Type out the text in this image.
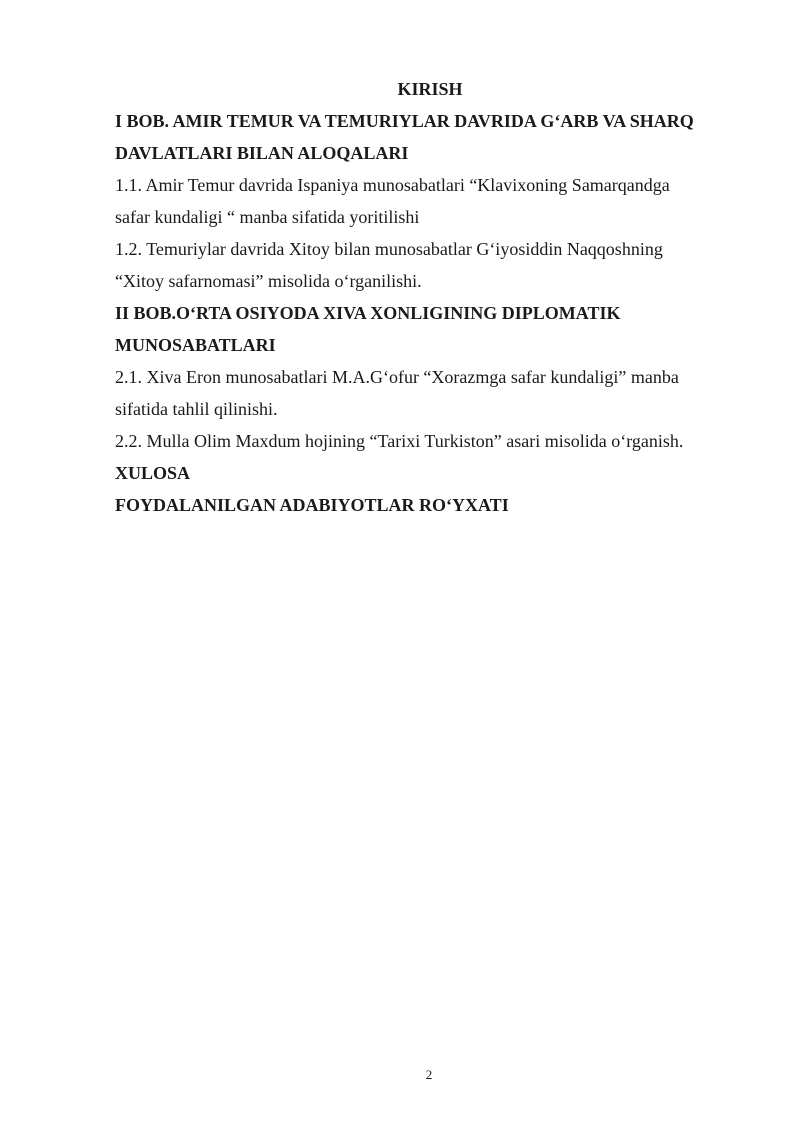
KIRISH
I BOB. AMIR TEMUR VA TEMURIYLAR DAVRIDA G‘ARB VA SHARQ
DAVLATLARI BILAN ALOQALARI
1.1. Amir Temur davrida Ispaniya munosabatlari “Klavixoning Samarqandga
safar kundaligi “ manba sifatida yoritilishi
1.2. Temuriylar davrida Xitoy bilan munosabatlar G‘iyosiddin Naqqoshning
“Xitoy safarnomasi” misolida o‘rganilishi.
II BOB.O‘RTA OSIYODA XIVA XONLIGINING DIPLOMATIK
MUNOSABATLARI
2.1. Xiva Eron munosabatlari M.A.G‘ofur “Xorazmga safar kundaligi” manba
sifatida tahlil qilinishi.
2.2. Mulla Olim Maxdum hojining “Tarixi Turkiston” asari misolida o‘rganish.
XULOSA
FOYDALANILGAN ADABIYOTLAR RO‘YXATI
2
